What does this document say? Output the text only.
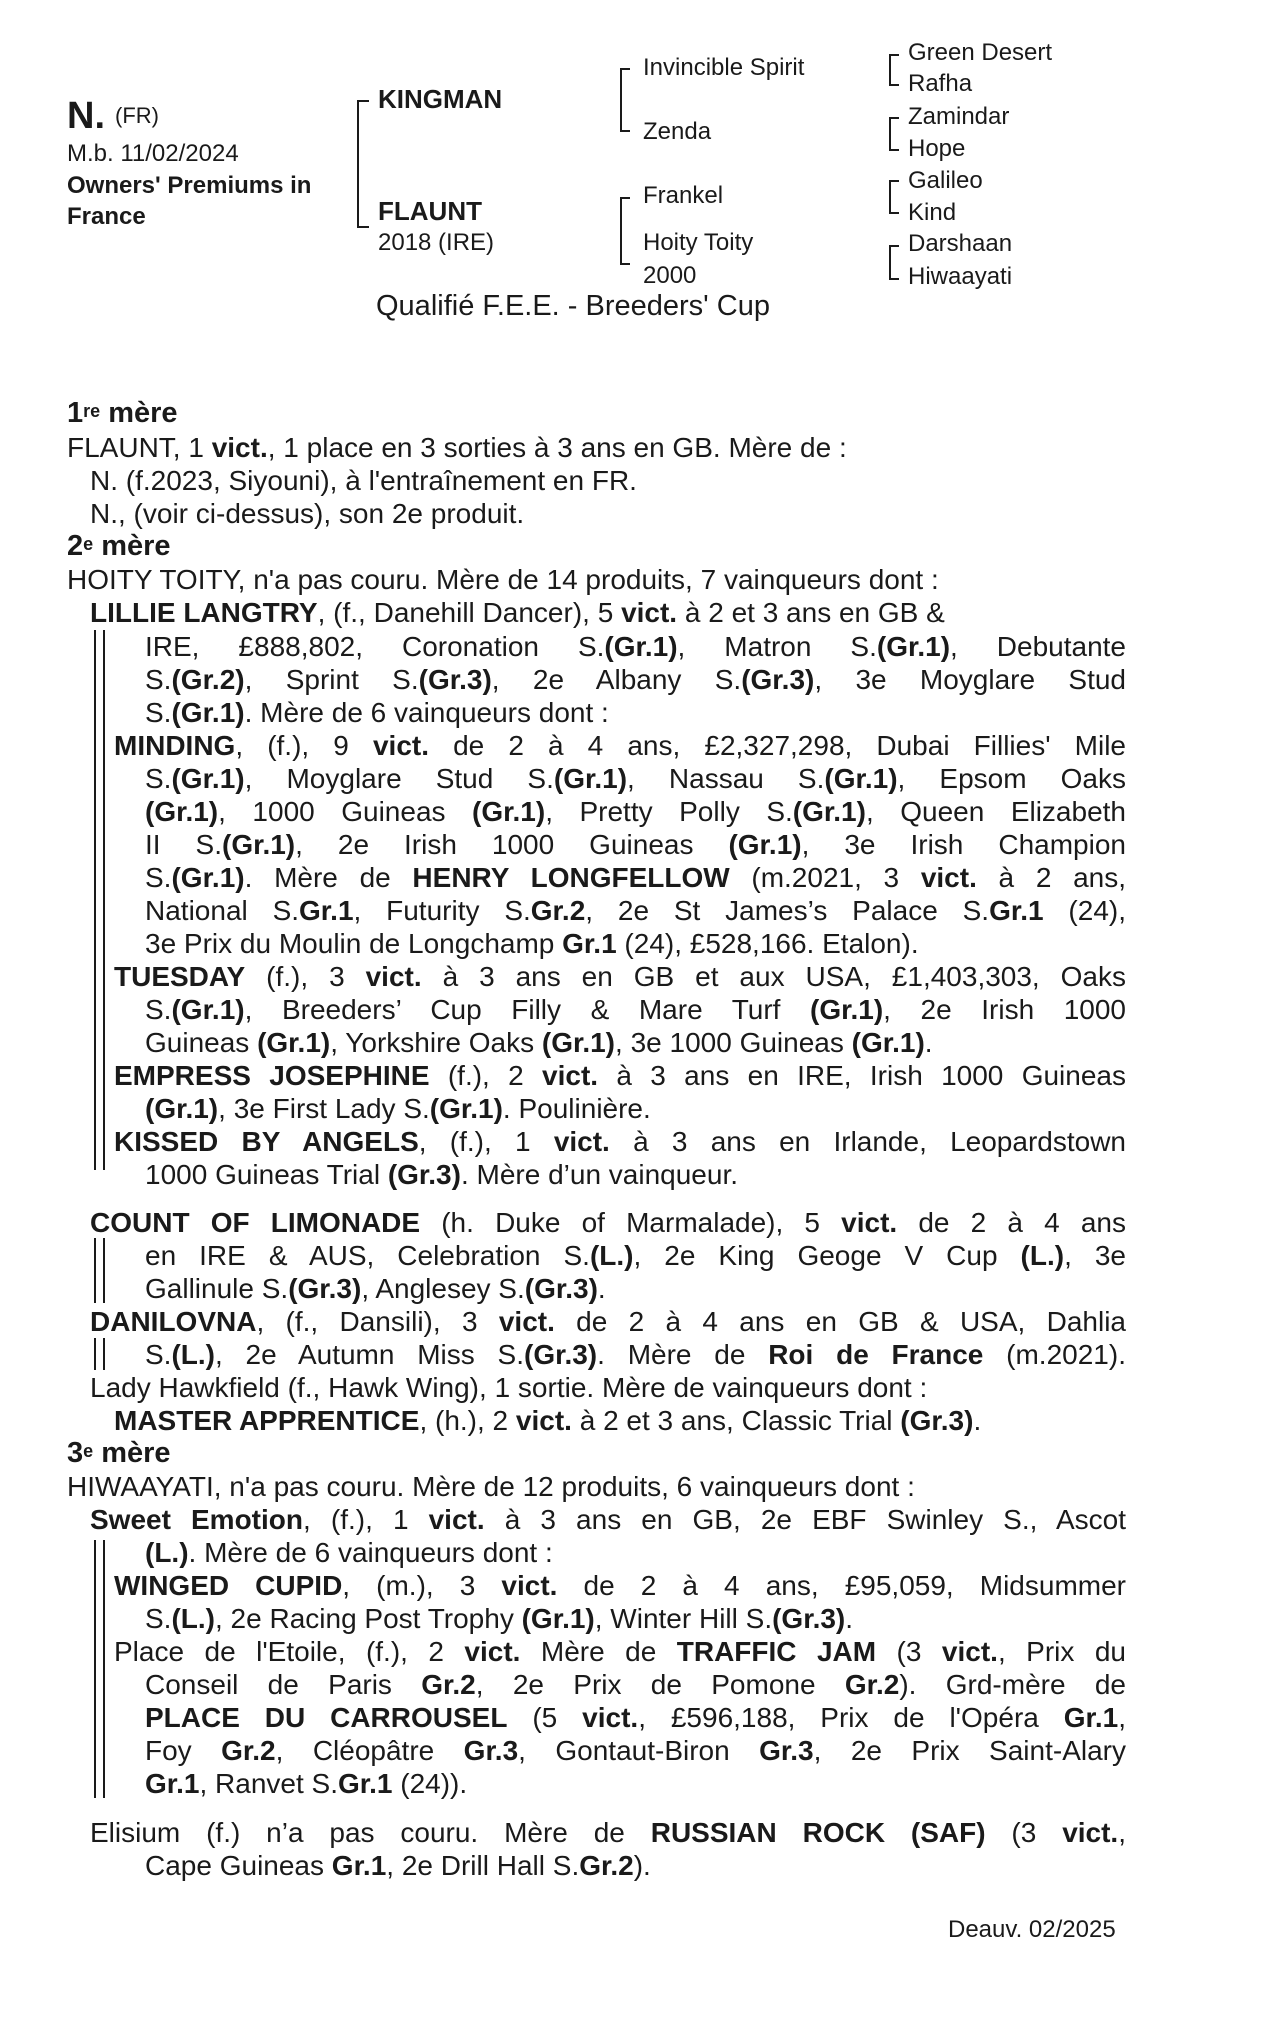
N. (FR)
M.b. 11/02/2024
Owners' Premiums in
France
KINGMAN
FLAUNT
2018 (IRE)
Invincible Spirit
Zenda
Frankel
Hoity Toity
2000
Green Desert
Rafha
Zamindar
Hope
Galileo
Kind
Darshaan
Hiwaayati
Qualifié F.E.E. - Breeders' Cup
1re mère
FLAUNT, 1 vict., 1 place en 3 sorties à 3 ans en GB. Mère de :
N. (f.2023, Siyouni), à l'entraînement en FR.
N., (voir ci-dessus), son 2e produit.
2e mère
HOITY TOITY, n'a pas couru. Mère de 14 produits, 7 vainqueurs dont :
LILLIE LANGTRY, (f., Danehill Dancer), 5 vict. à 2 et 3 ans en GB &
IRE, £888,802, Coronation S.(Gr.1), Matron S.(Gr.1), Debutante
S.(Gr.2), Sprint S.(Gr.3), 2e Albany S.(Gr.3), 3e Moyglare Stud
S.(Gr.1). Mère de 6 vainqueurs dont :
MINDING, (f.), 9 vict. de 2 à 4 ans, £2,327,298, Dubai Fillies' Mile
S.(Gr.1), Moyglare Stud S.(Gr.1), Nassau S.(Gr.1), Epsom Oaks
(Gr.1), 1000 Guineas (Gr.1), Pretty Polly S.(Gr.1), Queen Elizabeth
II S.(Gr.1), 2e Irish 1000 Guineas (Gr.1), 3e Irish Champion
S.(Gr.1). Mère de HENRY LONGFELLOW (m.2021, 3 vict. à 2 ans,
National S.Gr.1, Futurity S.Gr.2, 2e St James’s Palace S.Gr.1 (24),
3e Prix du Moulin de Longchamp Gr.1 (24), £528,166. Etalon).
TUESDAY (f.), 3 vict. à 3 ans en GB et aux USA, £1,403,303, Oaks
S.(Gr.1), Breeders’ Cup Filly & Mare Turf (Gr.1), 2e Irish 1000
Guineas (Gr.1), Yorkshire Oaks (Gr.1), 3e 1000 Guineas (Gr.1).
EMPRESS JOSEPHINE (f.), 2 vict. à 3 ans en IRE, Irish 1000 Guineas
(Gr.1), 3e First Lady S.(Gr.1). Poulinière.
KISSED BY ANGELS, (f.), 1 vict. à 3 ans en Irlande, Leopardstown
1000 Guineas Trial (Gr.3). Mère d’un vainqueur.
COUNT OF LIMONADE (h. Duke of Marmalade), 5 vict. de 2 à 4 ans
en IRE & AUS, Celebration S.(L.), 2e King Geoge V Cup (L.), 3e
Gallinule S.(Gr.3), Anglesey S.(Gr.3).
DANILOVNA, (f., Dansili), 3 vict. de 2 à 4 ans en GB & USA, Dahlia
S.(L.), 2e Autumn Miss S.(Gr.3). Mère de Roi de France (m.2021).
Lady Hawkfield (f., Hawk Wing), 1 sortie. Mère de vainqueurs dont :
MASTER APPRENTICE, (h.), 2 vict. à 2 et 3 ans, Classic Trial (Gr.3).
3e mère
HIWAAYATI, n'a pas couru. Mère de 12 produits, 6 vainqueurs dont :
Sweet Emotion, (f.), 1 vict. à 3 ans en GB, 2e EBF Swinley S., Ascot
(L.). Mère de 6 vainqueurs dont :
WINGED CUPID, (m.), 3 vict. de 2 à 4 ans, £95,059, Midsummer
S.(L.), 2e Racing Post Trophy (Gr.1), Winter Hill S.(Gr.3).
Place de l'Etoile, (f.), 2 vict. Mère de TRAFFIC JAM (3 vict., Prix du
Conseil de Paris Gr.2, 2e Prix de Pomone Gr.2). Grd-mère de
PLACE DU CARROUSEL (5 vict., £596,188, Prix de l'Opéra Gr.1,
Foy Gr.2, Cléopâtre Gr.3, Gontaut-Biron Gr.3, 2e Prix Saint-Alary
Gr.1, Ranvet S.Gr.1 (24)).
Elisium (f.) n’a pas couru. Mère de RUSSIAN ROCK (SAF) (3 vict.,
Cape Guineas Gr.1, 2e Drill Hall S.Gr.2).
Deauv. 02/2025
